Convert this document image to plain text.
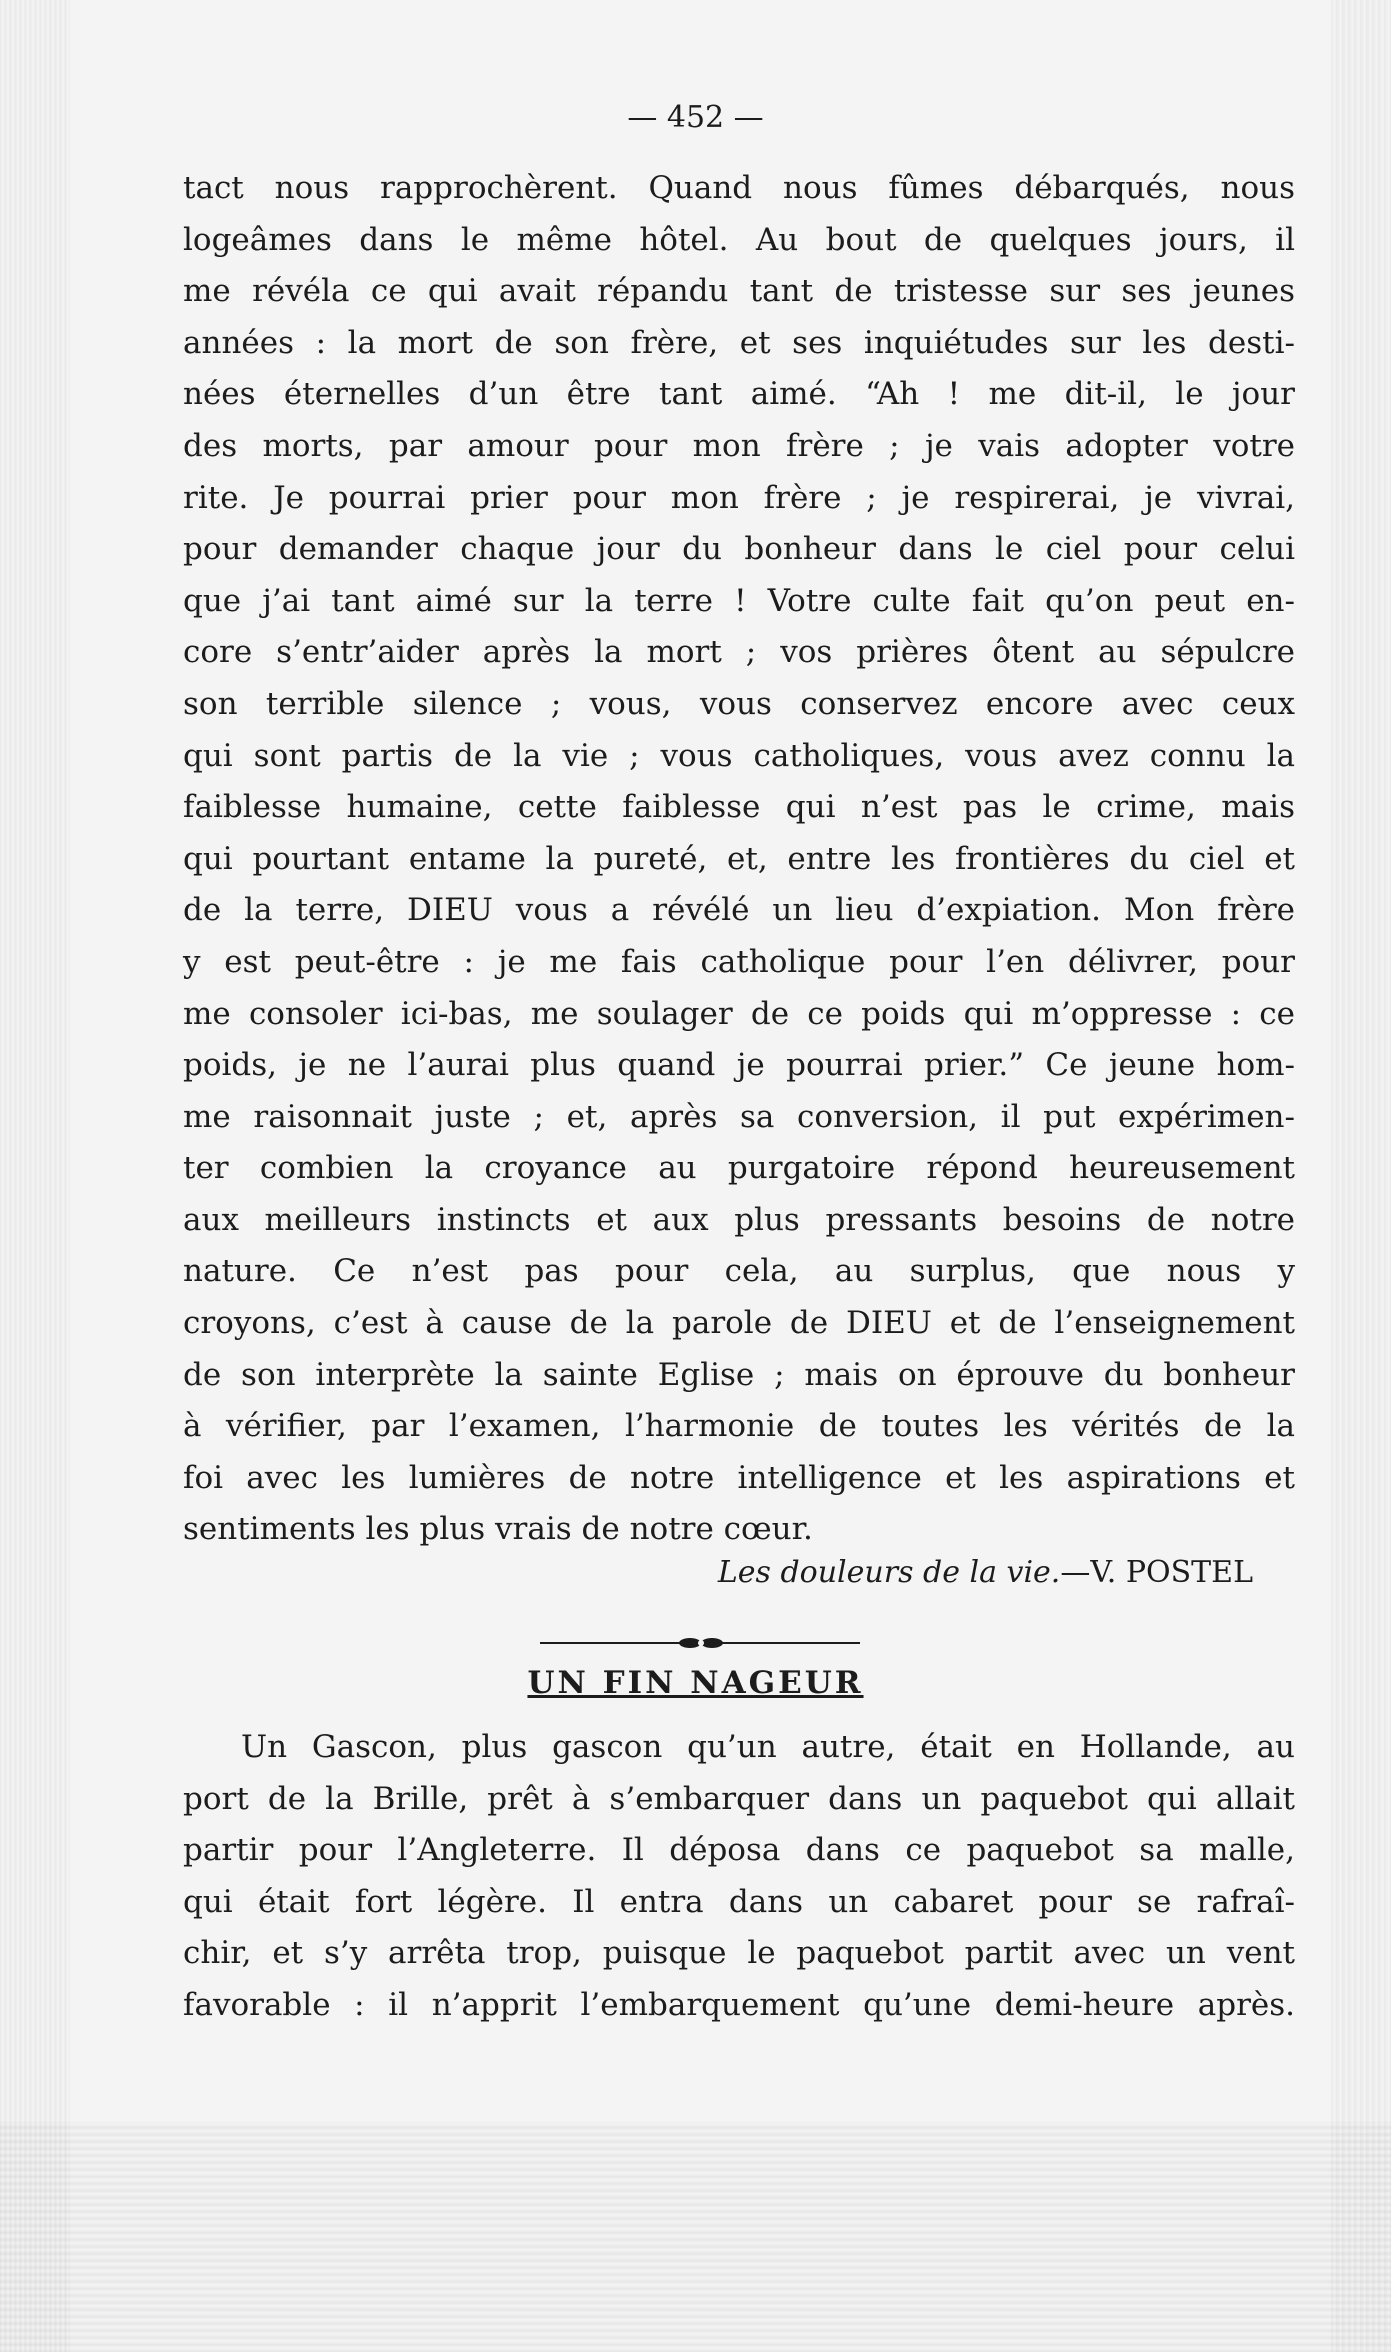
— 452 —
tact nous rapprochèrent. Quand nous fûmes débarqués, nous
logeâmes dans le même hôtel. Au bout de quelques jours, il
me révéla ce qui avait répandu tant de tristesse sur ses jeunes
années : la mort de son frère, et ses inquiétudes sur les desti-
nées éternelles d’un être tant aimé. “Ah ! me dit-il, le jour
des morts, par amour pour mon frère ; je vais adopter votre
rite. Je pourrai prier pour mon frère ; je respirerai, je vivrai,
pour demander chaque jour du bonheur dans le ciel pour celui
que j’ai tant aimé sur la terre ! Votre culte fait qu’on peut en-
core s’entr’aider après la mort ; vos prières ôtent au sépulcre
son terrible silence ; vous, vous conservez encore avec ceux
qui sont partis de la vie ; vous catholiques, vous avez connu la
faiblesse humaine, cette faiblesse qui n’est pas le crime, mais
qui pourtant entame la pureté, et, entre les frontières du ciel et
de la terre, DIEU vous a révélé un lieu d’expiation. Mon frère
y est peut-être : je me fais catholique pour l’en délivrer, pour
me consoler ici-bas, me soulager de ce poids qui m’oppresse : ce
poids, je ne l’aurai plus quand je pourrai prier.” Ce jeune hom-
me raisonnait juste ; et, après sa conversion, il put expérimen-
ter combien la croyance au purgatoire répond heureusement
aux meilleurs instincts et aux plus pressants besoins de notre
nature. Ce n’est pas pour cela, au surplus, que nous y
croyons, c’est à cause de la parole de DIEU et de l’enseignement
de son interprète la sainte Eglise ; mais on éprouve du bonheur
à vérifier, par l’examen, l’harmonie de toutes les vérités de la
foi avec les lumières de notre intelligence et les aspirations et
sentiments les plus vrais de notre cœur.
Les douleurs de la vie.—V. POSTEL
UN FIN NAGEUR
Un Gascon, plus gascon qu’un autre, était en Hollande, au
port de la Brille, prêt à s’embarquer dans un paquebot qui allait
partir pour l’Angleterre. Il déposa dans ce paquebot sa malle,
qui était fort légère. Il entra dans un cabaret pour se rafraî-
chir, et s’y arrêta trop, puisque le paquebot partit avec un vent
favorable : il n’apprit l’embarquement qu’une demi-heure après.
